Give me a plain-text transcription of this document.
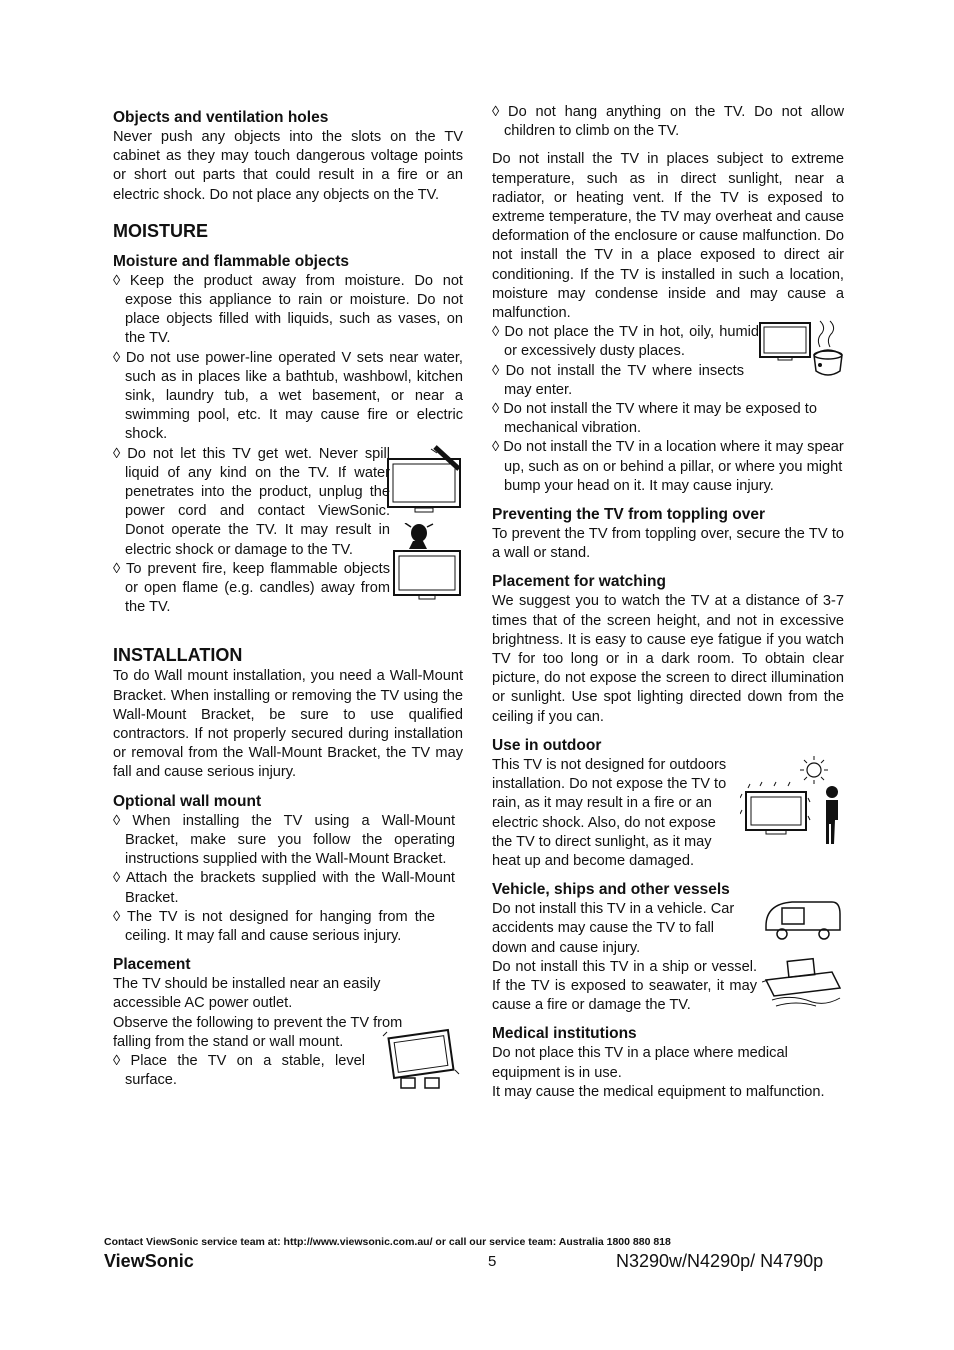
Objects and ventilation holes

Never push any objects into the slots on the TV cabinet as they may touch dangerous voltage points or short out parts that could result in a fire or an electric shock. Do not place any objects on the TV.

MOISTURE
Moisture and flammable objects

◊ Keep the product away from moisture. Do not expose this appliance to rain or moisture. Do not place objects filled with liquids, such as vases, on the TV.

◊ Do not use power-line operated V sets near water, such as in places like a bathtub, washbowl, kitchen sink, laundry tub, a wet basement, or near a swimming pool, etc. It may cause fire or electric shock.

◊ Do not let this TV get wet. Never spill liquid of any kind on the TV. If water penetrates into the product, unplug the power cord and contact ViewSonic. Donot operate the TV. It may result in electric shock or damage to the TV.

◊ To prevent fire, keep flammable objects or open flame (e.g. candles) away from the TV.

INSTALLATION

To do Wall mount installation, you need a Wall-Mount Bracket. When installing or removing the TV using the Wall-Mount Bracket, be sure to use qualified contractors. If not properly secured during installation or removal from the Wall-Mount Bracket, the TV may fall and cause serious injury.

Optional wall mount

◊ When installing the TV using a Wall-Mount Bracket, make sure you follow the operating instructions supplied with the Wall-Mount Bracket.

◊ Attach the brackets supplied with the Wall-Mount Bracket.

◊ The TV is not designed for hanging from the ceiling. It may fall and cause serious injury.

Placement

The TV should be installed near an easily accessible AC power outlet.

Observe the following to prevent the TV from falling from the stand or wall mount.

◊ Place the TV on a stable, level surface.

◊ Do not hang anything on the TV. Do not allow children to climb on the TV.

Do not install the TV in places subject to extreme temperature, such as in direct sunlight, near a radiator, or heating vent. If the TV is exposed to extreme temperature, the TV may overheat and cause deformation of the enclosure or cause malfunction. Do not install the TV in a place exposed to direct air conditioning. If the TV is installed in such a location, moisture may condense inside and may cause a malfunction.

◊ Do not place the TV in hot, oily, humid or excessively dusty places.

◊ Do not install the TV where insects may enter.

◊ Do not install the TV where it may be exposed to mechanical vibration.

◊ Do not install the TV in a location where it may spear up, such as on or behind a pillar, or where you might bump your head on it. It may cause injury.

Preventing the TV from toppling over

To prevent the TV from toppling over, secure the TV to a wall or stand.

Placement for watching

We suggest you to watch the TV at a distance of 3-7 times that of the screen height, and not in excessive brightness. It is easy to cause eye fatigue if you watch TV for too long or in a dark room. To obtain clear picture, do not expose the screen to direct illumination or sunlight. Use spot lighting directed down from the ceiling if you can.

Use in outdoor

This TV is not designed for outdoors installation. Do not expose the TV to rain, as it may result in a fire or an electric shock. Also, do not expose the TV to direct sunlight, as it may heat up and become damaged.

Vehicle, ships and other vessels

Do not install this TV in a vehicle. Car accidents may cause the TV to fall down and cause injury.

Do not install this TV in a ship or vessel. If the TV is exposed to seawater, it may cause a fire or damage the TV.

Medical institutions

Do not place this TV in a place where medical equipment is in use.

It may cause the medical equipment to malfunction.

Contact ViewSonic service team at: http://www.viewsonic.com.au/ or call our service team: Australia 1800 880 818
ViewSonic	5	N3290w/N4290p/ N4790p
